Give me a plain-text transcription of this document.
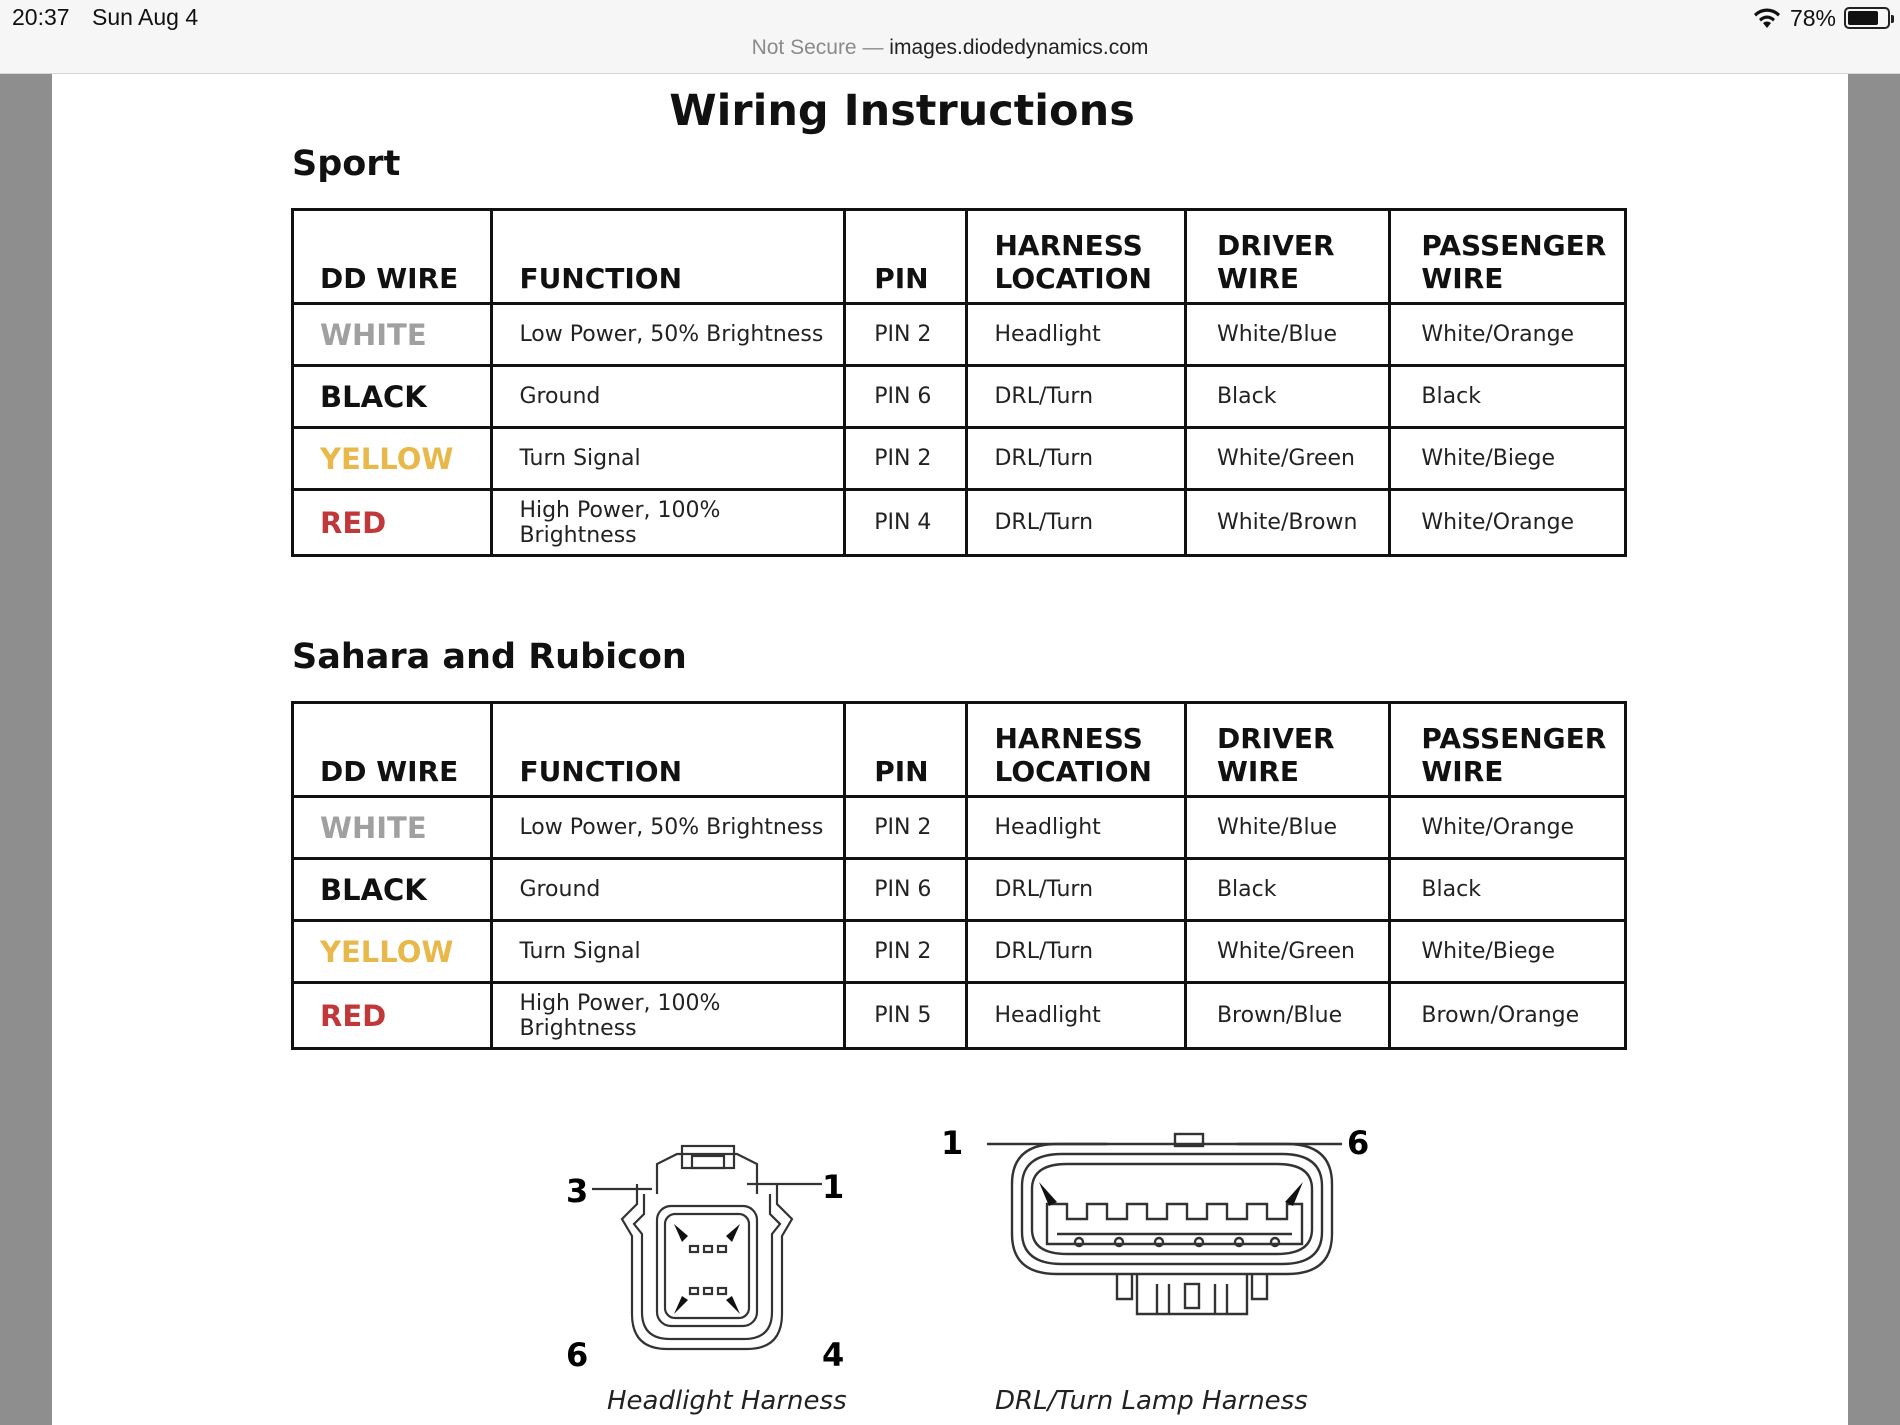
20:37 Sun Aug 4	78%
Not Secure — images.diodedynamics.com
Wiring Instructions
Sport
DD WIRE	FUNCTION	PIN	HARNESS LOCATION	DRIVER WIRE	PASSENGER WIRE
WHITE	Low Power, 50% Brightness	PIN 2	Headlight	White/Blue	White/Orange
BLACK	Ground	PIN 6	DRL/Turn	Black	Black
YELLOW	Turn Signal	PIN 2	DRL/Turn	White/Green	White/Biege
RED	High Power, 100% Brightness	PIN 4	DRL/Turn	White/Brown	White/Orange
Sahara and Rubicon
DD WIRE	FUNCTION	PIN	HARNESS LOCATION	DRIVER WIRE	PASSENGER WIRE
WHITE	Low Power, 50% Brightness	PIN 2	Headlight	White/Blue	White/Orange
BLACK	Ground	PIN 6	DRL/Turn	Black	Black
YELLOW	Turn Signal	PIN 2	DRL/Turn	White/Green	White/Biege
RED	High Power, 100% Brightness	PIN 5	Headlight	Brown/Blue	Brown/Orange
3	1
6	4
Headlight Harness
1	6
DRL/Turn Lamp Harness
